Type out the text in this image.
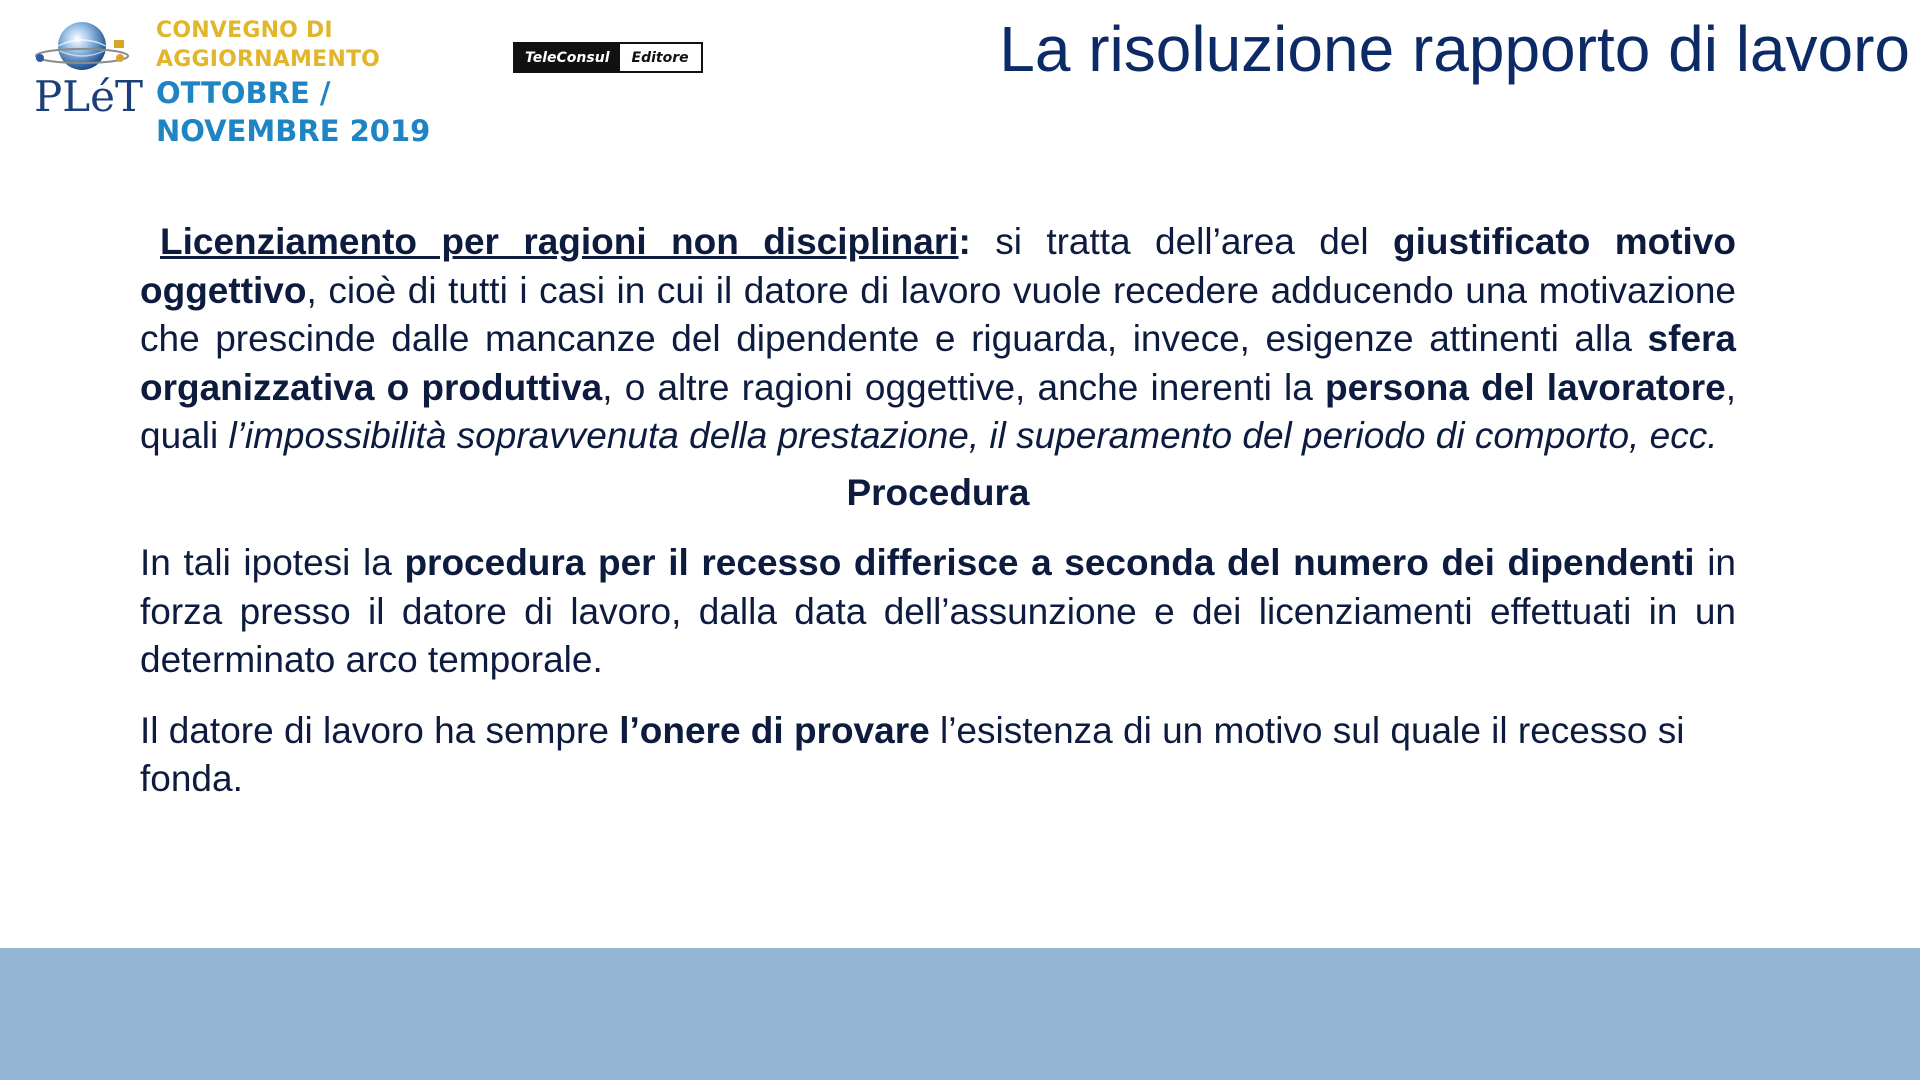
PLéT
CONVEGNO DI
AGGIORNAMENTO
OTTOBRE /
NOVEMBRE 2019
TeleConsul	Editore	La risoluzione rapporto di lavoro

Licenziamento per ragioni non disciplinari: si tratta dell’area del giustificato motivo oggettivo, cioè di tutti i casi in cui il datore di lavoro vuole recedere adducendo una motivazione che prescinde dalle mancanze del dipendente e riguarda, invece, esigenze attinenti alla sfera organizzativa o produttiva, o altre ragioni oggettive, anche inerenti la persona del lavoratore, quali l’impossibilità sopravvenuta della prestazione, il superamento del periodo di comporto, ecc.

Procedura

In tali ipotesi la procedura per il recesso differisce a seconda del numero dei dipendenti in forza presso il datore di lavoro, dalla data dell’assunzione e dei licenziamenti effettuati in un determinato arco temporale.

Il datore di lavoro ha sempre l’onere di provare l’esistenza di un motivo sul quale il recesso si fonda.
